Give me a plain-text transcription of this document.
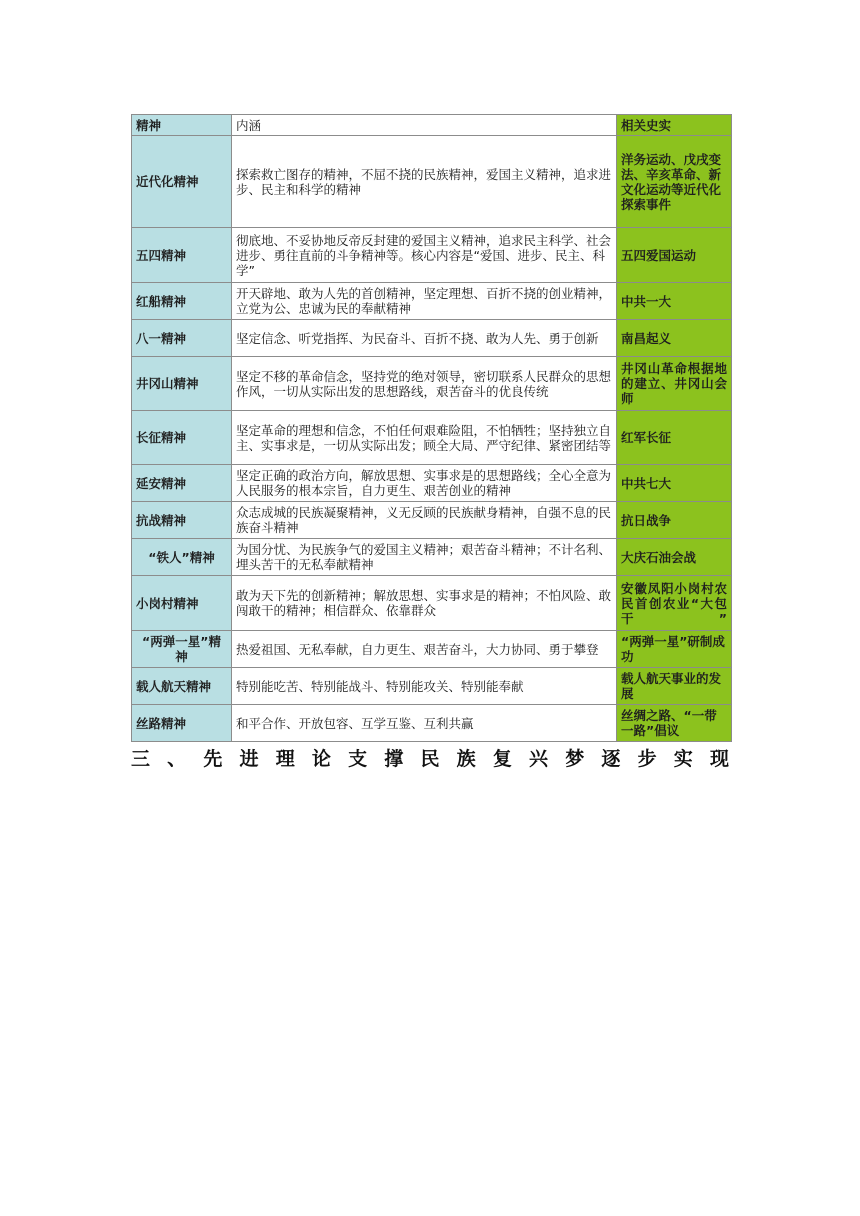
精神	内涵	相关史实
近代化精神	探索救亡图存的精神，不屈不挠的民族精神，爱国主义精神，追求进步、民主和科学的精神	洋务运动、戊戌变法、辛亥革命、新文化运动等近代化探索事件
五四精神	彻底地、不妥协地反帝反封建的爱国主义精神，追求民主科学、社会进步、勇往直前的斗争精神等。核心内容是“爱国、进步、民主、科学”	五四爱国运动
红船精神	开天辟地、敢为人先的首创精神，坚定理想、百折不挠的创业精神，立党为公、忠诚为民的奉献精神	中共一大
八一精神	坚定信念、听党指挥、为民奋斗、百折不挠、敢为人先、勇于创新	南昌起义
井冈山精神	坚定不移的革命信念，坚持党的绝对领导，密切联系人民群众的思想作风，一切从实际出发的思想路线，艰苦奋斗的优良传统	井冈山革命根据地的建立、井冈山会师
长征精神	坚定革命的理想和信念，不怕任何艰难险阻，不怕牺牲；坚持独立自主、实事求是，一切从实际出发；顾全大局、严守纪律、紧密团结等	红军长征
延安精神	坚定正确的政治方向，解放思想、实事求是的思想路线；全心全意为人民服务的根本宗旨，自力更生、艰苦创业的精神	中共七大
抗战精神	众志成城的民族凝聚精神，义无反顾的民族献身精神，自强不息的民族奋斗精神	抗日战争
“铁人”精神	为国分忧、为民族争气的爱国主义精神；艰苦奋斗精神；不计名利、埋头苦干的无私奉献精神	大庆石油会战
小岗村精神	敢为天下先的创新精神；解放思想、实事求是的精神；不怕风险、敢闯敢干的精神；相信群众、依靠群众	安徽凤阳小岗村农民首创农业“大包干”
“两弹一星”精神	热爱祖国、无私奉献，自力更生、艰苦奋斗，大力协同、勇于攀登	“两弹一星”研制成功
载人航天精神	特别能吃苦、特别能战斗、特别能攻关、特别能奉献	载人航天事业的发展
丝路精神	和平合作、开放包容、互学互鉴、互利共赢	丝绸之路、“一带一路”倡议
三、先进理论支撑民族复兴梦逐步实现
